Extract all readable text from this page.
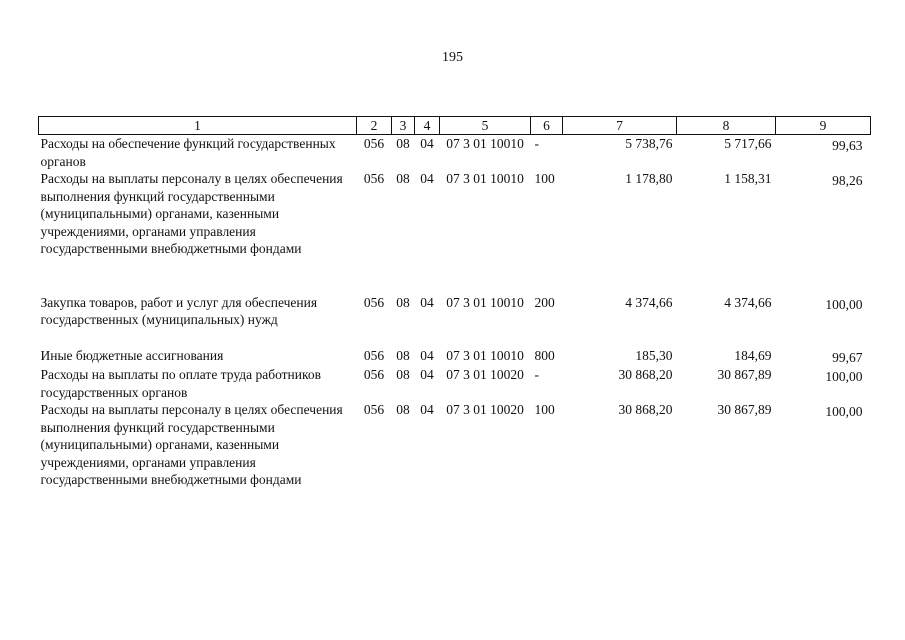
195
1	2	3	4	5	6	7	8	9
Расходы на обеспечение функций государственных органов	056	08	04	07 3 01 10010	-	5 738,76	5 717,66	99,63
Расходы на выплаты персоналу в целях обеспечения выполнения функций государственными (муниципальными) органами, казенными учреждениями, органами управления государственными внебюджетными фондами	056	08	04	07 3 01 10010	100	1 178,80	1 158,31	98,26
Закупка товаров, работ и услуг для обеспечения государственных (муниципальных) нужд	056	08	04	07 3 01 10010	200	4 374,66	4 374,66	100,00
Иные бюджетные ассигнования	056	08	04	07 3 01 10010	800	185,30	184,69	99,67
Расходы на выплаты по оплате труда работников государственных органов	056	08	04	07 3 01 10020	-	30 868,20	30 867,89	100,00
Расходы на выплаты персоналу в целях обеспечения выполнения функций государственными (муниципальными) органами, казенными учреждениями, органами управления государственными внебюджетными фондами	056	08	04	07 3 01 10020	100	30 868,20	30 867,89	100,00
